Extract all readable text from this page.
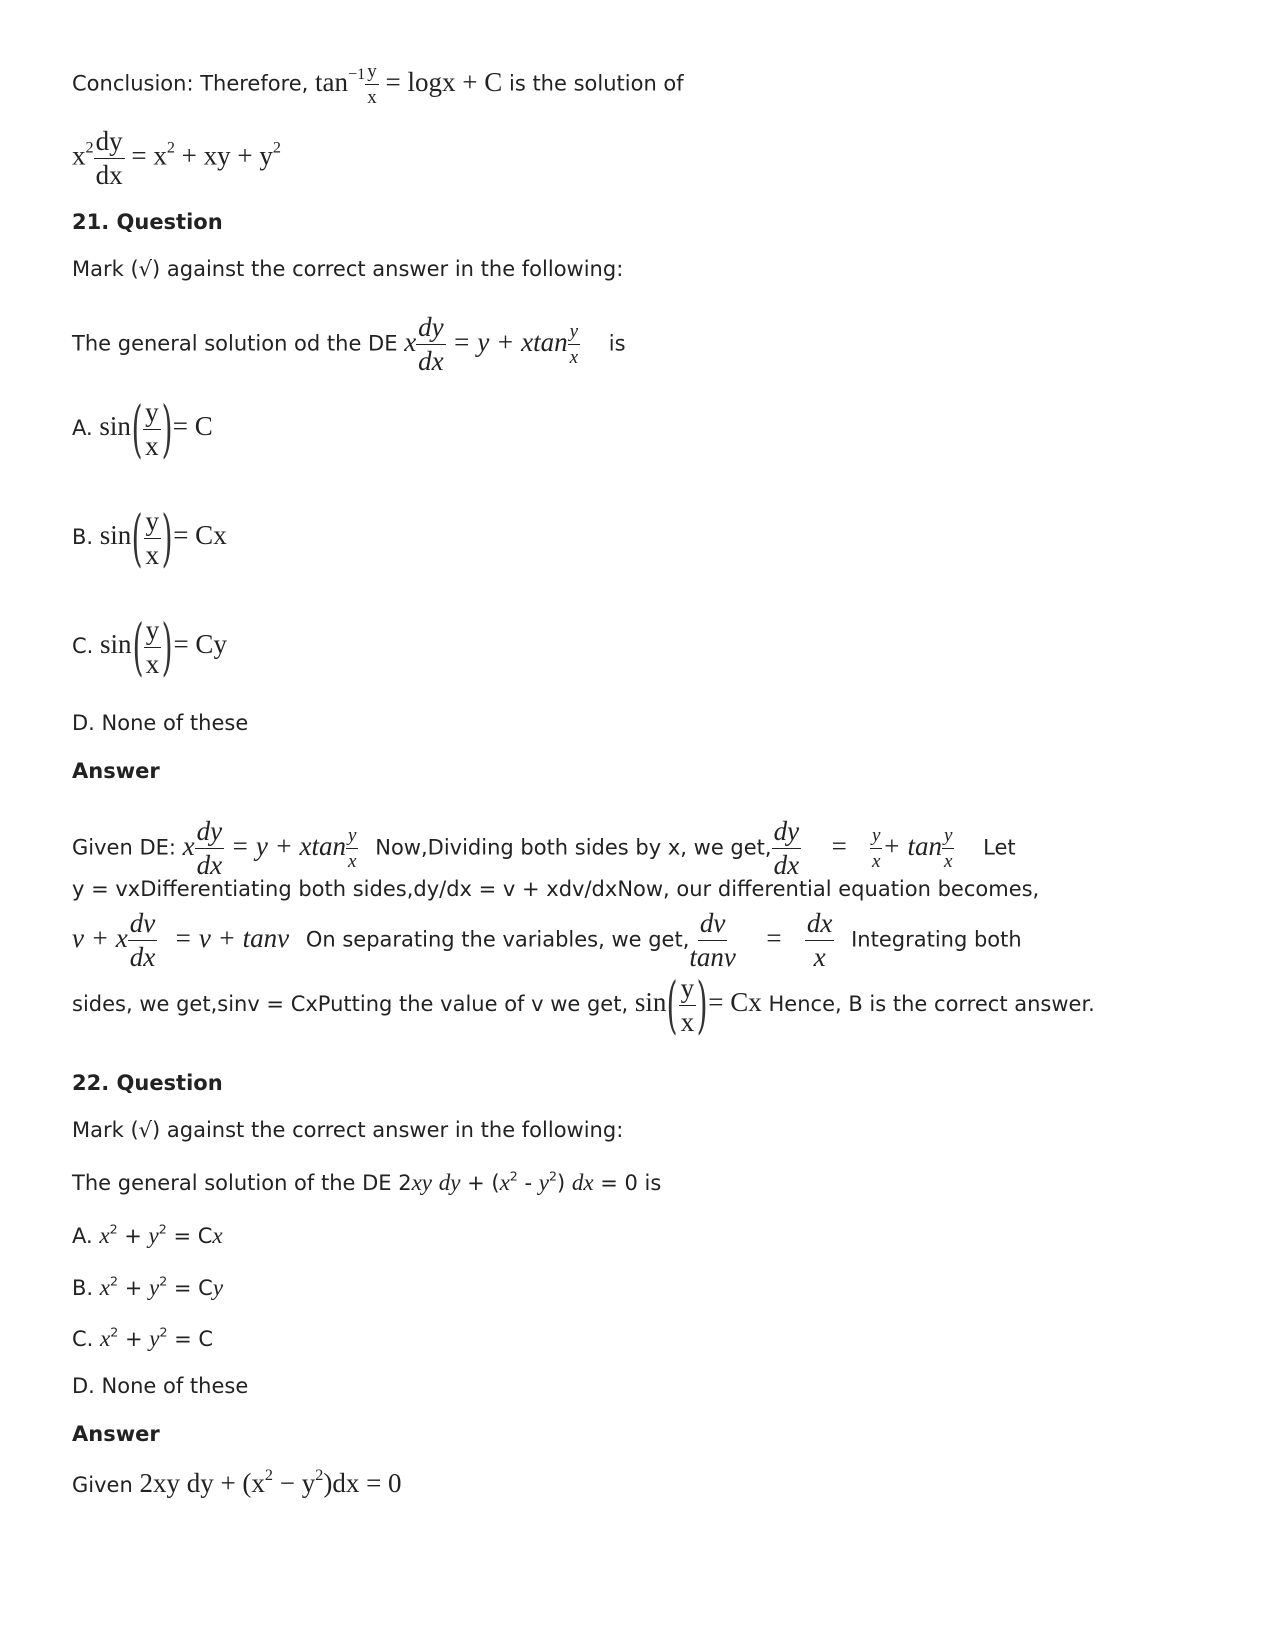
Conclusion: Therefore, $\tan^{-1} \frac{y}{x} = \log x + C$ is the solution of
$x^2 \frac{dy}{dx} = x^2$ + xy + $y^2$
21. Question
Mark (√) against the correct answer in the following:
The general solution od the DE x $\frac{dy}{dx} = y + xtan \frac{y}{x}$ is
A. sin ( y
x ) = C
B. sin ( y
x ) = Cx
C. sin ( y
x ) = Cy
D. None of these
Answer
Given DE: x $\frac{dy}{dx} = y + xtan \frac{y}{x}$ Now,Dividing both sides by x, we get, $\frac{dy}{dx} = \frac{y}{x} + \tan \frac{y}{x}$ Let
y = vxDifferentiating both sides,dy/dx = v + xdv/dxNow, our differential equation becomes,
v + x $\frac{dv}{dx} = v + \tan v$ On separating the variables, we get, $\frac{dv}{\tan v} = \frac{dx}{x}$ Integrating both
sides, we get,sinv = CxPutting the value of v we get, sin ( y
x ) = Cx Hence, B is the correct answer.
22. Question
Mark (√) against the correct answer in the following:
The general solution of the DE 2xy dy + $(x^2 - y^2)$ dx = 0 is
A. $x^2 + y^2 = Cx$
B. $x^2 + y^2 = Cy$
C. $x^2 + y^2 = C$
D. None of these
Answer
Given 2xy dy + $(x^2 - y^2)dx = 0$
